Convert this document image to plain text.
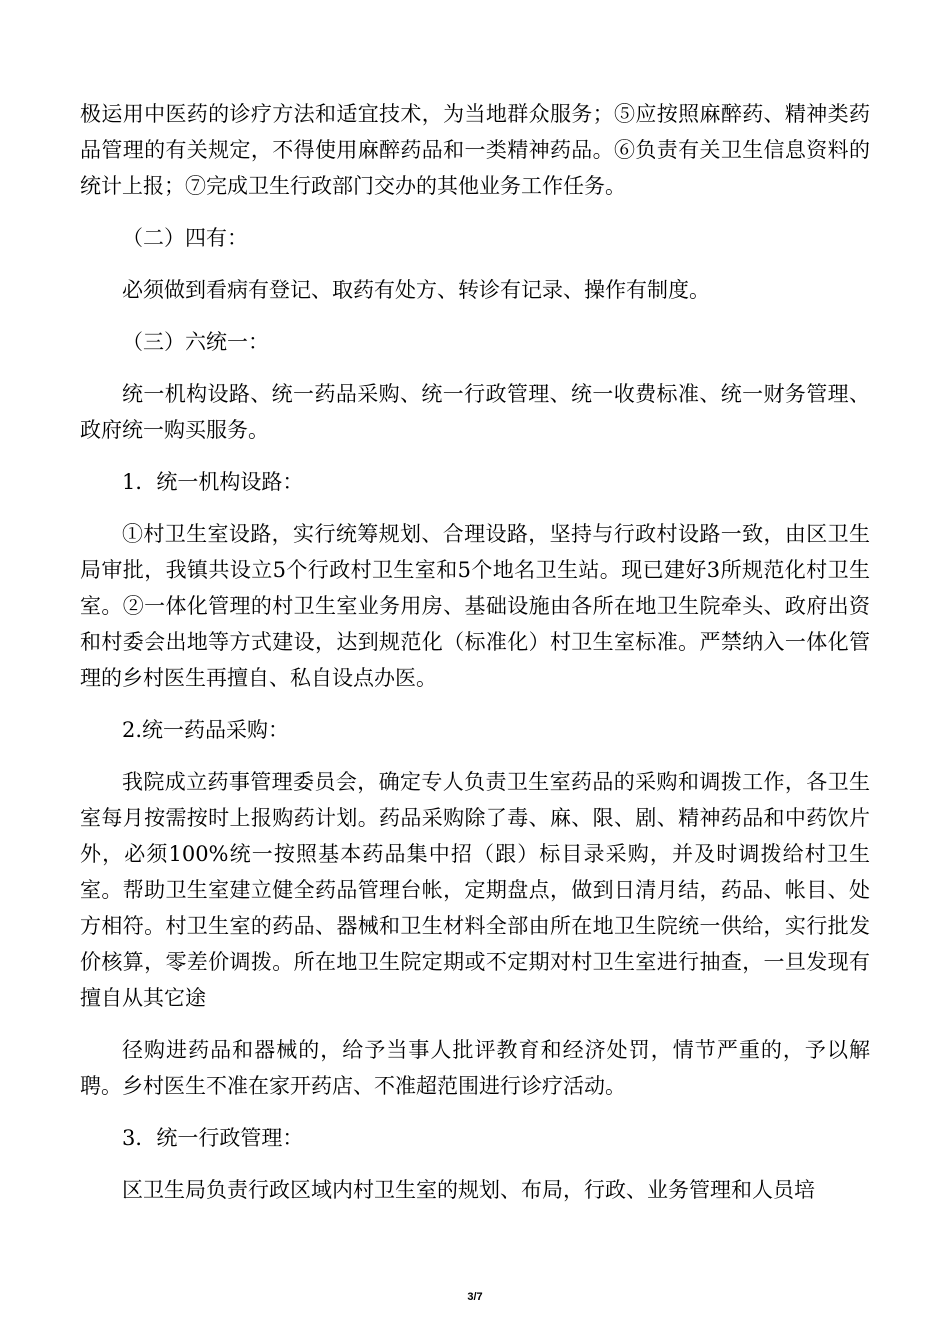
极运用中医药的诊疗方法和适宜技术，为当地群众服务；⑤应按照麻醉药、精神类药品管理的有关规定，不得使用麻醉药品和一类精神药品。⑥负责有关卫生信息资料的统计上报；⑦完成卫生行政部门交办的其他业务工作任务。

（二）四有：

必须做到看病有登记、取药有处方、转诊有记录、操作有制度。

（三）六统一：

统一机构设路、统一药品采购、统一行政管理、统一收费标准、统一财务管理、政府统一购买服务。

1．统一机构设路：

①村卫生室设路，实行统筹规划、合理设路，坚持与行政村设路一致，由区卫生局审批，我镇共设立5个行政村卫生室和5个地名卫生站。现已建好3所规范化村卫生室。②一体化管理的村卫生室业务用房、基础设施由各所在地卫生院牵头、政府出资和村委会出地等方式建设，达到规范化（标准化）村卫生室标准。严禁纳入一体化管理的乡村医生再擅自、私自设点办医。

2.统一药品采购：

我院成立药事管理委员会，确定专人负责卫生室药品的采购和调拨工作，各卫生室每月按需按时上报购药计划。药品采购除了毒、麻、限、剧、精神药品和中药饮片外，必须100%统一按照基本药品集中招（跟）标目录采购，并及时调拨给村卫生室。帮助卫生室建立健全药品管理台帐，定期盘点，做到日清月结，药品、帐目、处方相符。村卫生室的药品、器械和卫生材料全部由所在地卫生院统一供给，实行批发价核算，零差价调拨。所在地卫生院定期或不定期对村卫生室进行抽查，一旦发现有擅自从其它途

径购进药品和器械的，给予当事人批评教育和经济处罚，情节严重的，予以解聘。乡村医生不准在家开药店、不准超范围进行诊疗活动。

3．统一行政管理：

区卫生局负责行政区域内村卫生室的规划、布局，行政、业务管理和人员培

3/7
